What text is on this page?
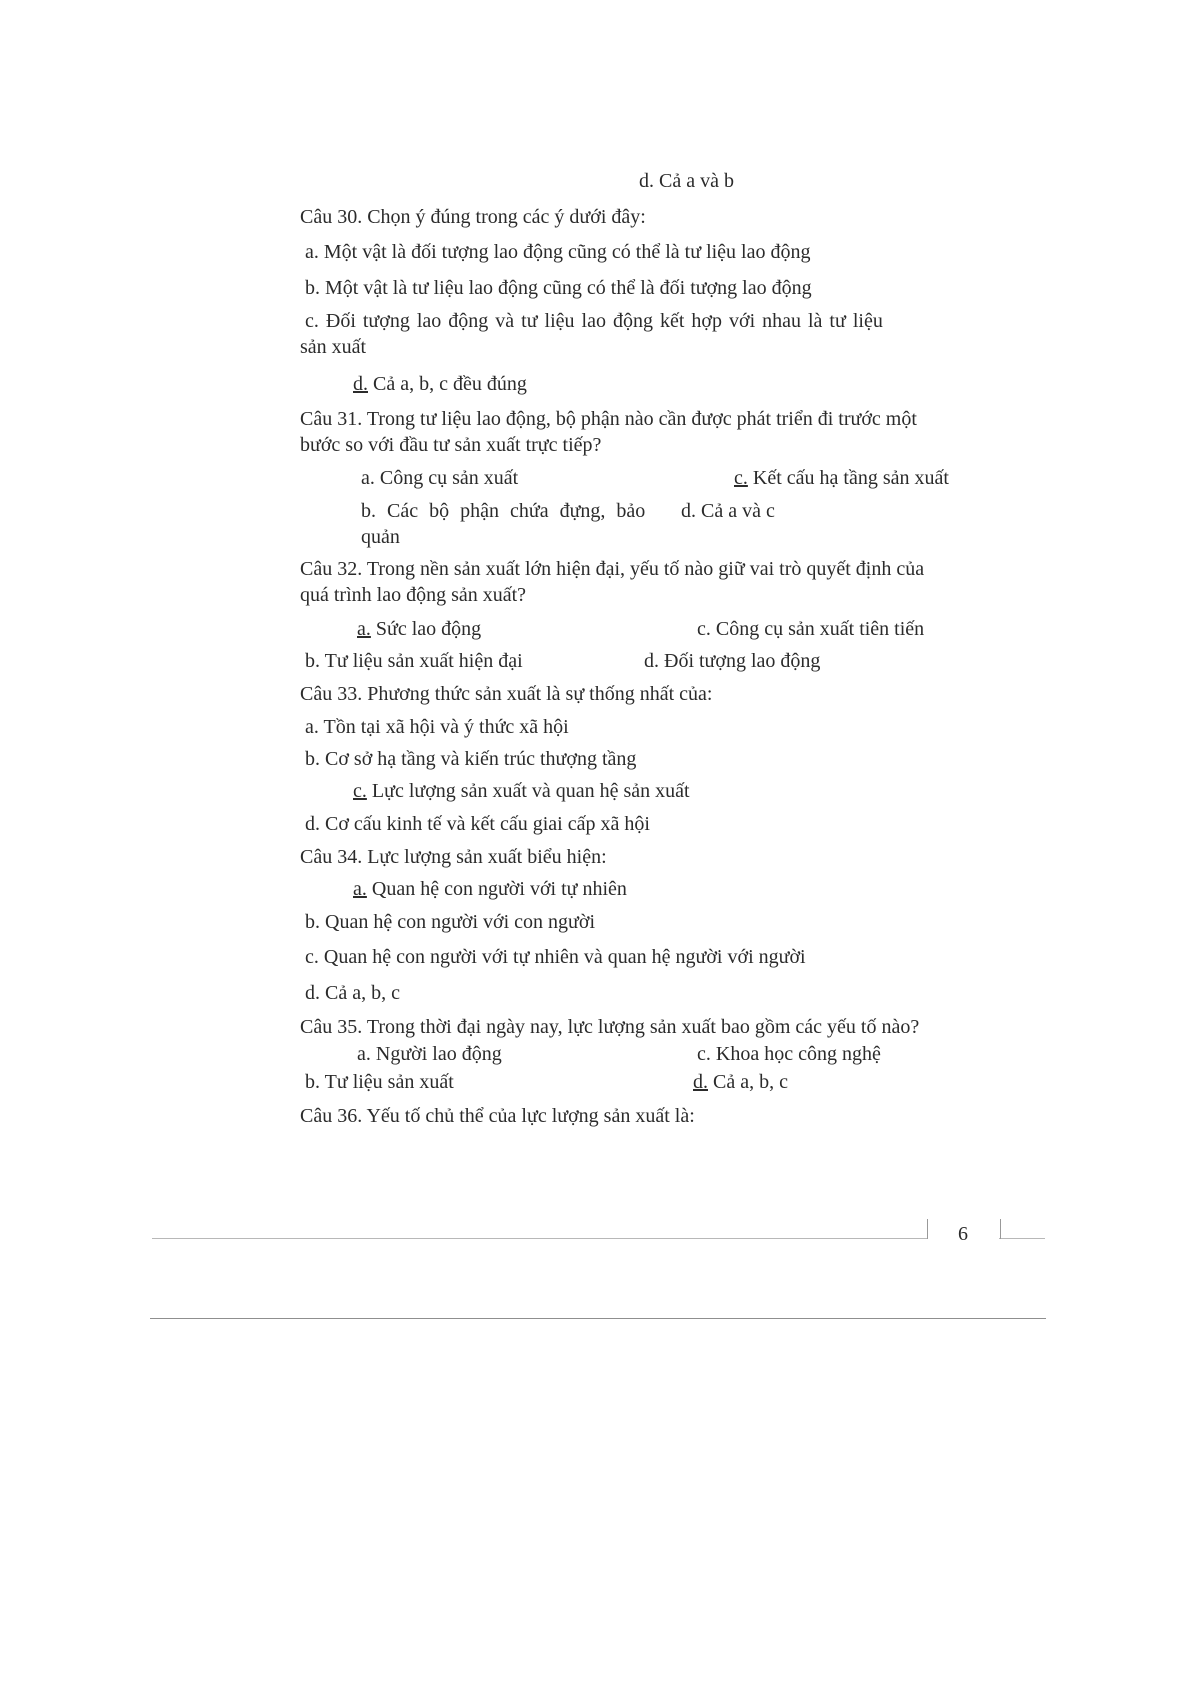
d. Cả a và b
Câu 30. Chọn ý đúng trong các ý dưới đây:
a. Một vật là đối tượng lao động cũng có thể là tư liệu lao động
b. Một vật là tư liệu lao động cũng có thể là đối tượng lao động
c. Đối tượng lao động và tư liệu lao động kết hợp với nhau là tư liệu
sản xuất
d. Cả a, b, c đều đúng
Câu 31. Trong tư liệu lao động, bộ phận nào cần được phát triển đi trước một
bước so với đầu tư sản xuất trực tiếp?
a. Công cụ sản xuất	c. Kết cấu hạ tầng sản xuất
b. Các bộ phận chứa đựng, bảo d. Cả a và c
quản
Câu 32. Trong nền sản xuất lớn hiện đại, yếu tố nào giữ vai trò quyết định của
quá trình lao động sản xuất?
a. Sức lao động	c. Công cụ sản xuất tiên tiến
b. Tư liệu sản xuất hiện đại	d. Đối tượng lao động
Câu 33. Phương thức sản xuất là sự thống nhất của:
a. Tồn tại xã hội và ý thức xã hội
b. Cơ sở hạ tầng và kiến trúc thượng tầng
c. Lực lượng sản xuất và quan hệ sản xuất
d. Cơ cấu kinh tế và kết cấu giai cấp xã hội
Câu 34. Lực lượng sản xuất biểu hiện:
a. Quan hệ con người với tự nhiên
b. Quan hệ con người với con người
c. Quan hệ con người với tự nhiên và quan hệ người với người
d. Cả a, b, c
Câu 35. Trong thời đại ngày nay, lực lượng sản xuất bao gồm các yếu tố nào?
a. Người lao động	c. Khoa học công nghệ
b. Tư liệu sản xuất	d. Cả a, b, c
Câu 36. Yếu tố chủ thể của lực lượng sản xuất là:
6
